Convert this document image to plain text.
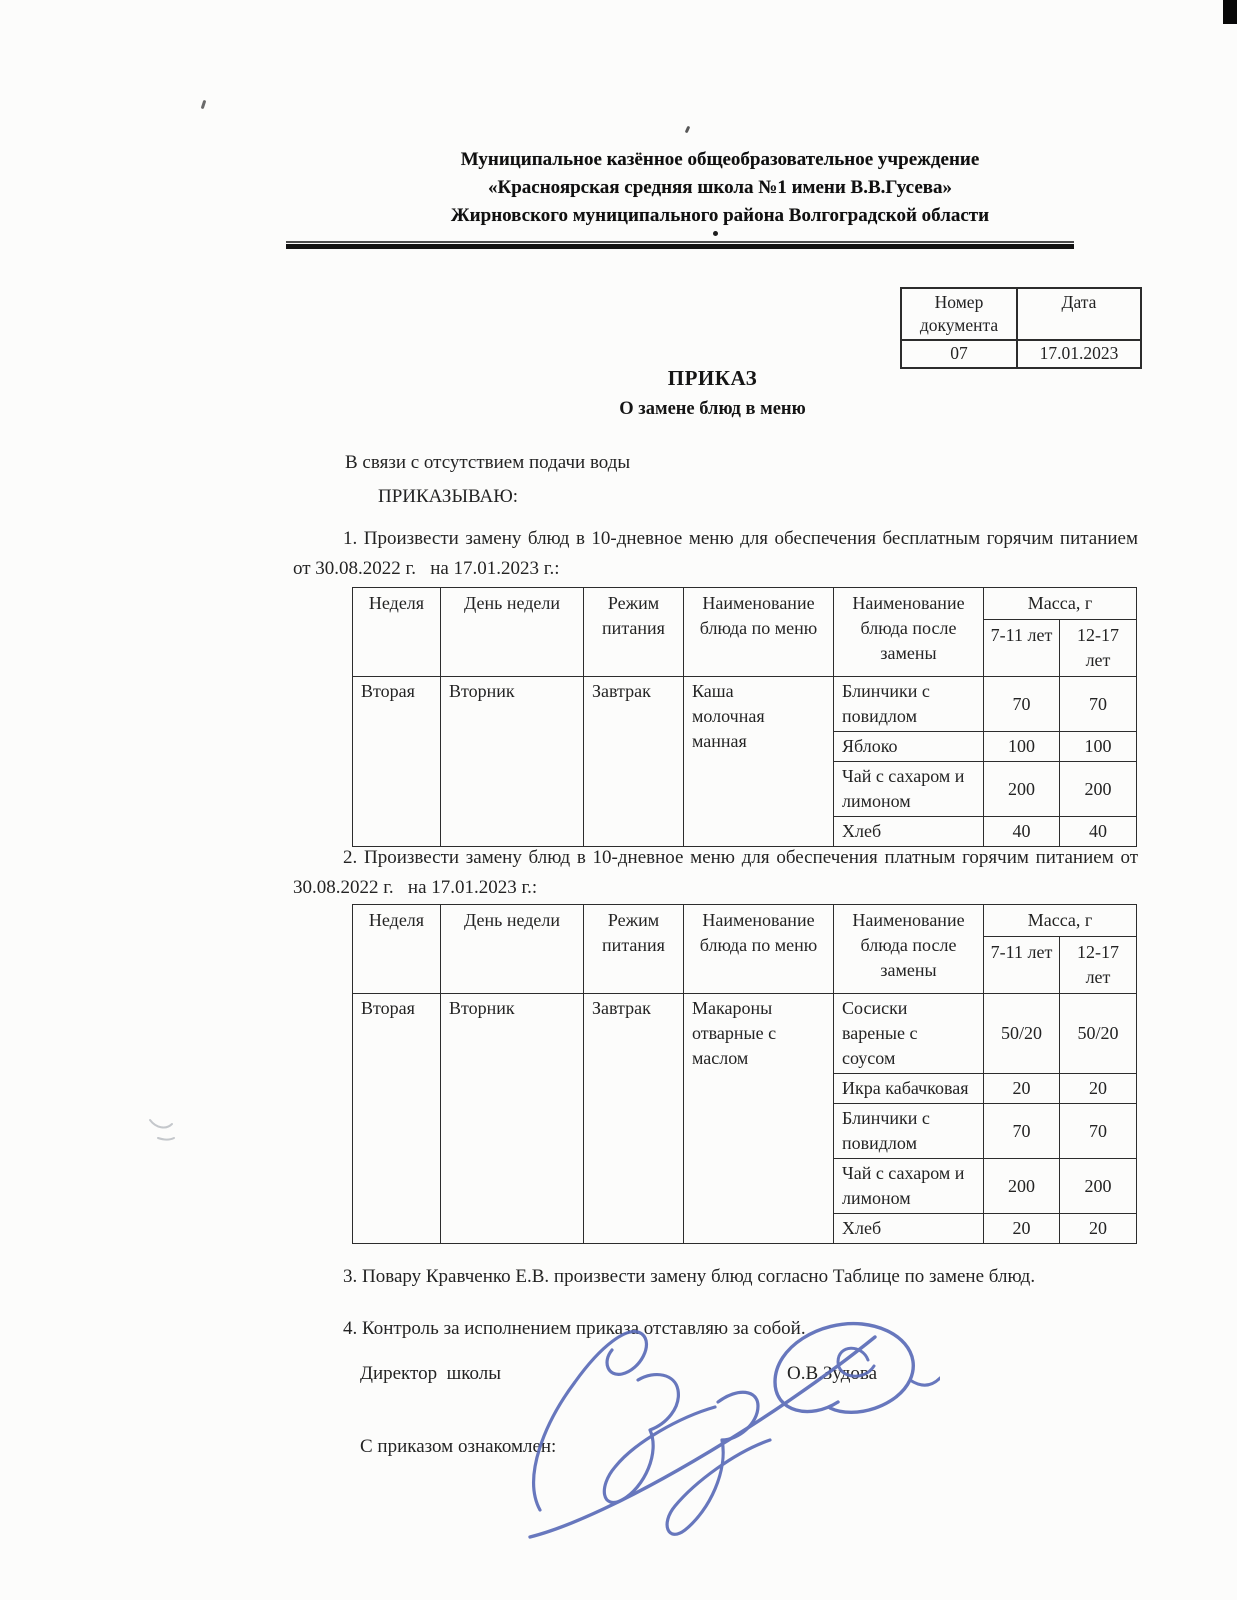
Муниципальное казённое общеобразовательное учреждение
«Красноярская средняя школа №1 имени В.В.Гусева»
Жирновского муниципального района Волгоградской области
Номер документа	Дата
07	17.01.2023
ПРИКАЗ
О замене блюд в меню
В связи с отсутствием подачи воды
ПРИКАЗЫВАЮ:
1. Произвести замену блюд в 10-дневное меню для обеспечения бесплатным горячим питанием от 30.08.2022 г.   на 17.01.2023 г.:
Неделя	День недели	Режим питания	Наименование блюда по меню	Наименование блюда после замены	Масса, г	
					7-11 лет	12-17 лет
Вторая	Вторник	Завтрак	Каша молочная манная	Блинчики с повидлом	70	70
				Яблоко	100	100
				Чай с сахаром и лимоном	200	200
				Хлеб	40	40
2. Произвести замену блюд в 10-дневное меню для обеспечения платным горячим питанием от 30.08.2022 г.   на 17.01.2023 г.:
Неделя	День недели	Режим питания	Наименование блюда по меню	Наименование блюда после замены	Масса, г	
					7-11 лет	12-17 лет
Вторая	Вторник	Завтрак	Макароны отварные с маслом	Сосиски вареные с соусом	50/20	50/20
				Икра кабачковая	20	20
				Блинчики с повидлом	70	70
				Чай с сахаром и лимоном	200	200
				Хлеб	20	20
3. Повару Кравченко Е.В. произвести замену блюд согласно Таблице по замене блюд.
4. Контроль за исполнением приказа отставляю за собой.
Директор  школы	О.В.Зудова
С приказом ознакомлен:
